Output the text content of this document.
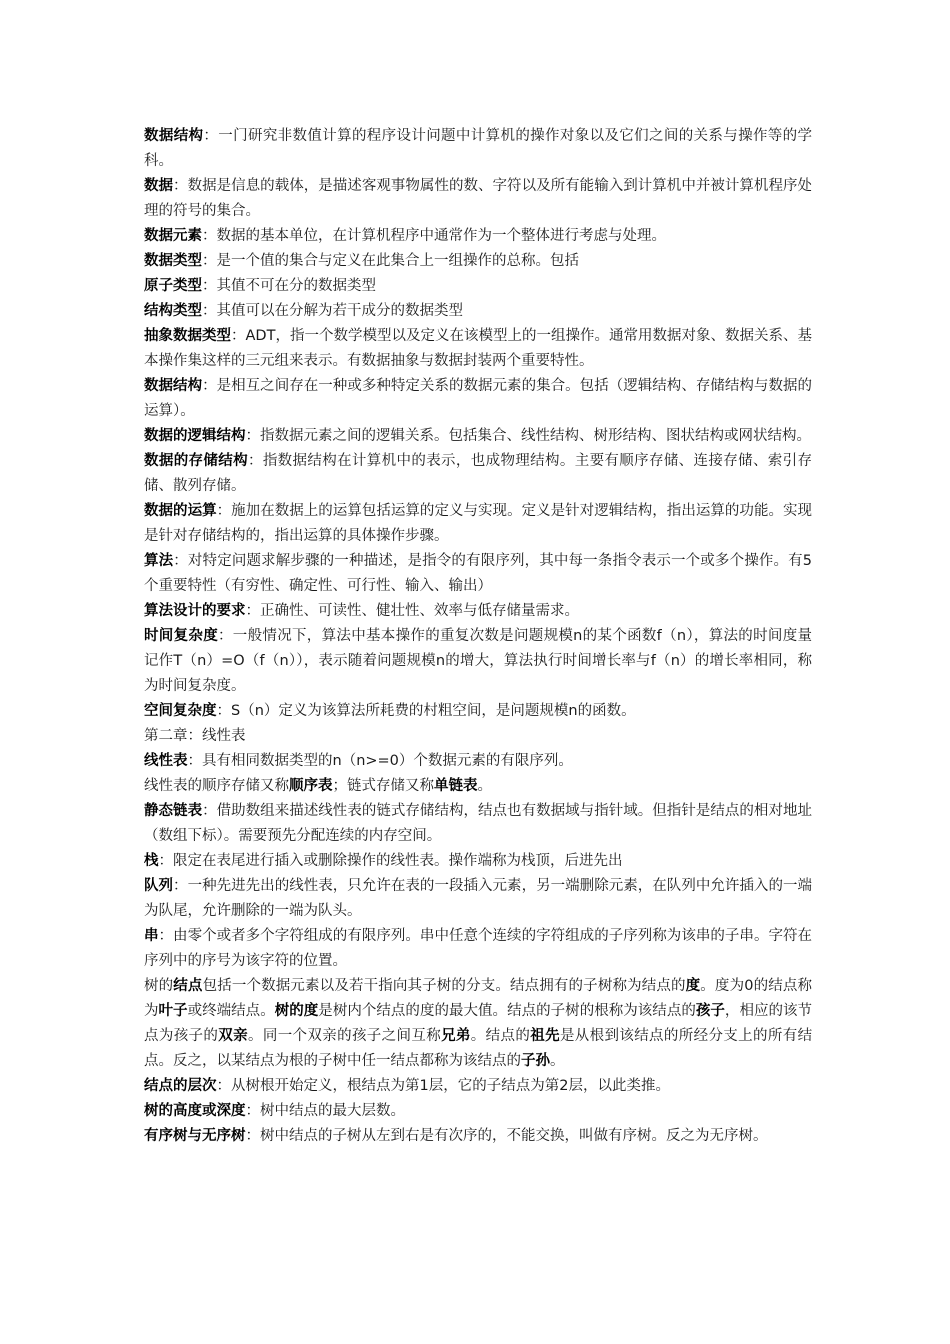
数据结构：一门研究非数值计算的程序设计问题中计算机的操作对象以及它们之间的关系与操作等的学科。

数据：数据是信息的载体，是描述客观事物属性的数、字符以及所有能输入到计算机中并被计算机程序处理的符号的集合。

数据元素：数据的基本单位，在计算机程序中通常作为一个整体进行考虑与处理。

数据类型：是一个值的集合与定义在此集合上一组操作的总称。包括

原子类型：其值不可在分的数据类型

结构类型：其值可以在分解为若干成分的数据类型

抽象数据类型：ADT，指一个数学模型以及定义在该模型上的一组操作。通常用数据对象、数据关系、基本操作集这样的三元组来表示。有数据抽象与数据封装两个重要特性。

数据结构：是相互之间存在一种或多种特定关系的数据元素的集合。包括（逻辑结构、存储结构与数据的运算）。

数据的逻辑结构：指数据元素之间的逻辑关系。包括集合、线性结构、树形结构、图状结构或网状结构。

数据的存储结构：指数据结构在计算机中的表示，也成物理结构。主要有顺序存储、连接存储、索引存储、散列存储。

数据的运算：施加在数据上的运算包括运算的定义与实现。定义是针对逻辑结构，指出运算的功能。实现是针对存储结构的，指出运算的具体操作步骤。

算法：对特定问题求解步骤的一种描述，是指令的有限序列，其中每一条指令表示一个或多个操作。有5个重要特性（有穷性、确定性、可行性、输入、输出）

算法设计的要求：正确性、可读性、健壮性、效率与低存储量需求。

时间复杂度：一般情况下，算法中基本操作的重复次数是问题规模n的某个函数f（n），算法的时间度量记作T（n）=O（f（n）），表示随着问题规模n的增大，算法执行时间增长率与f（n）的增长率相同，称为时间复杂度。

空间复杂度：S（n）定义为该算法所耗费的村粗空间，是问题规模n的函数。

第二章：线性表

线性表：具有相同数据类型的n（n>=0）个数据元素的有限序列。

线性表的顺序存储又称顺序表；链式存储又称单链表。

静态链表：借助数组来描述线性表的链式存储结构，结点也有数据域与指针域。但指针是结点的相对地址（数组下标）。需要预先分配连续的内存空间。

栈：限定在表尾进行插入或删除操作的线性表。操作端称为栈顶，后进先出

队列：一种先进先出的线性表，只允许在表的一段插入元素，另一端删除元素，在队列中允许插入的一端为队尾，允许删除的一端为队头。

串：由零个或者多个字符组成的有限序列。串中任意个连续的字符组成的子序列称为该串的子串。字符在序列中的序号为该字符的位置。

树的结点包括一个数据元素以及若干指向其子树的分支。结点拥有的子树称为结点的度。度为0的结点称为叶子或终端结点。树的度是树内个结点的度的最大值。结点的子树的根称为该结点的孩子，相应的该节点为孩子的双亲。同一个双亲的孩子之间互称兄弟。结点的祖先是从根到该结点的所经分支上的所有结点。反之，以某结点为根的子树中任一结点都称为该结点的子孙。

结点的层次：从树根开始定义，根结点为第1层，它的子结点为第2层，以此类推。

树的高度或深度：树中结点的最大层数。

有序树与无序树：树中结点的子树从左到右是有次序的，不能交换，叫做有序树。反之为无序树。
